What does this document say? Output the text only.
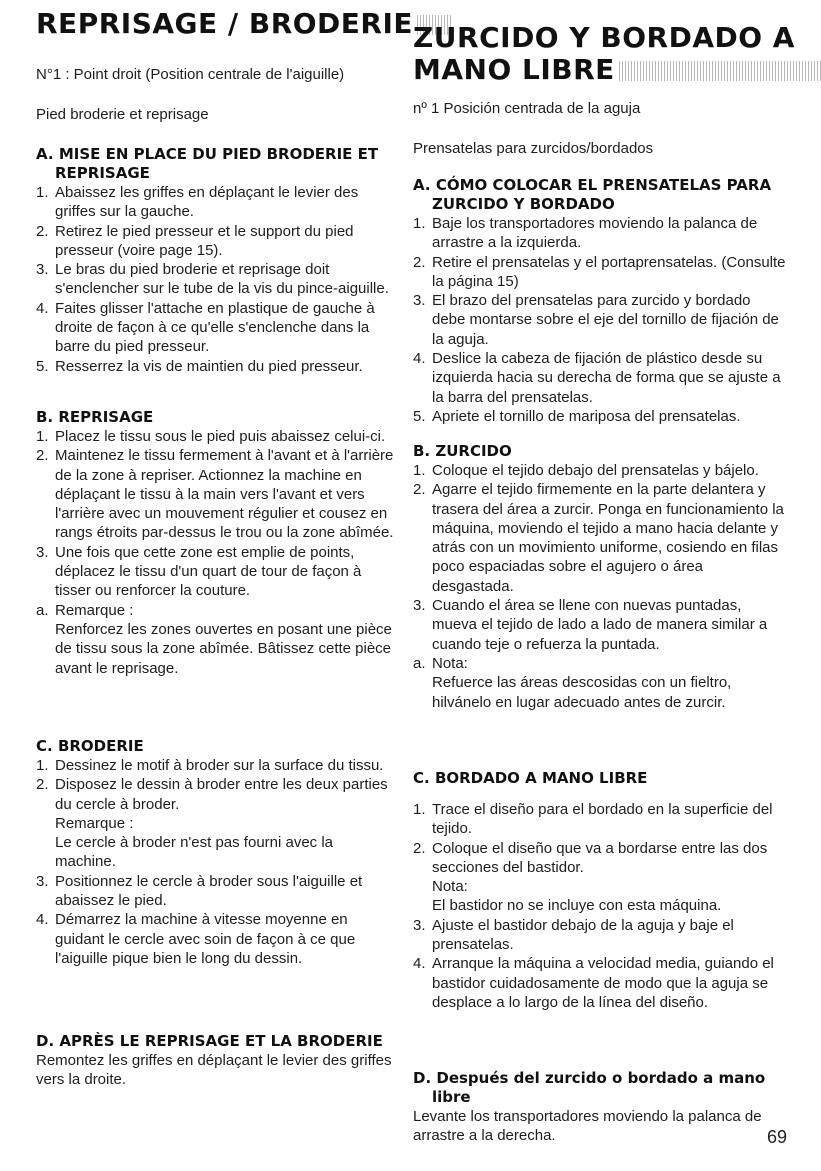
REPRISAGE / BRODERIE

N°1 : Point droit (Position centrale de l'aiguille)

Pied broderie et reprisage

A. MISE EN PLACE DU PIED BRODERIE ET REPRISAGE
1. Abaissez les griffes en déplaçant le levier des griffes sur la gauche.
2. Retirez le pied presseur et le support du pied presseur (voire page 15).
3. Le bras du pied broderie et reprisage doit s'enclencher sur le tube de la vis du pince-aiguille.
4. Faites glisser l'attache en plastique de gauche à droite de façon à ce qu'elle s'enclenche dans la barre du pied presseur.
5. Resserrez la vis de maintien du pied presseur.
B. REPRISAGE
1. Placez le tissu sous le pied puis abaissez celui-ci.
2. Maintenez le tissu fermement à l'avant et à l'arrière de la zone à repriser. Actionnez la machine en déplaçant le tissu à la main vers l'avant et vers l'arrière avec un mouvement régulier et cousez en rangs étroits par-dessus le trou ou la zone abîmée.
3. Une fois que cette zone est emplie de points, déplacez le tissu d'un quart de tour de façon à tisser ou renforcer la couture.
a. Remarque :
Renforcez les zones ouvertes en posant une pièce de tissu sous la zone abîmée. Bâtissez cette pièce avant le reprisage.
C. BRODERIE
1. Dessinez le motif à broder sur la surface du tissu.
2. Disposez le dessin à broder entre les deux parties du cercle à broder.
Remarque :
Le cercle à broder n'est pas fourni avec la machine.
3. Positionnez le cercle à broder sous l'aiguille et abaissez le pied.
4. Démarrez la machine à vitesse moyenne en guidant le cercle avec soin de façon à ce que l'aiguille pique bien le long du dessin.
D. APRÈS LE REPRISAGE ET LA BRODERIE
Remontez les griffes en déplaçant le levier des griffes vers la droite.
ZURCIDO Y BORDADO A
MANO LIBRE

nº 1 Posición centrada de la aguja

Prensatelas para zurcidos/bordados

A. CÓMO COLOCAR EL PRENSATELAS PARA ZURCIDO Y BORDADO
1. Baje los transportadores moviendo la palanca de arrastre a la izquierda.
2. Retire el prensatelas y el portaprensatelas. (Consulte la página 15)
3. El brazo del prensatelas para zurcido y bordado debe montarse sobre el eje del tornillo de fijación de la aguja.
4. Deslice la cabeza de fijación de plástico desde su izquierda hacia su derecha de forma que se ajuste a la barra del prensatelas.
5. Apriete el tornillo de mariposa del prensatelas.
B. ZURCIDO
1. Coloque el tejido debajo del prensatelas y bájelo.
2. Agarre el tejido firmemente en la parte delantera y trasera del área a zurcir. Ponga en funcionamiento la máquina, moviendo el tejido a mano hacia delante y atrás con un movimiento uniforme, cosiendo en filas poco espaciadas sobre el agujero o área desgastada.
3. Cuando el área se llene con nuevas puntadas, mueva el tejido de lado a lado de manera similar a cuando teje o refuerza la puntada.
a. Nota:
Refuerce las áreas descosidas con un fieltro, hilvánelo en lugar adecuado antes de zurcir.
C. BORDADO A MANO LIBRE
1. Trace el diseño para el bordado en la superficie del tejido.
2. Coloque el diseño que va a bordarse entre las dos secciones del bastidor.
Nota:
El bastidor no se incluye con esta máquina.
3. Ajuste el bastidor debajo de la aguja y baje el prensatelas.
4. Arranque la máquina a velocidad media, guiando el bastidor cuidadosamente de modo que la aguja se desplace a lo largo de la línea del diseño.
D. Después del zurcido o bordado a mano libre
Levante los transportadores moviendo la palanca de arrastre a la derecha.	69
